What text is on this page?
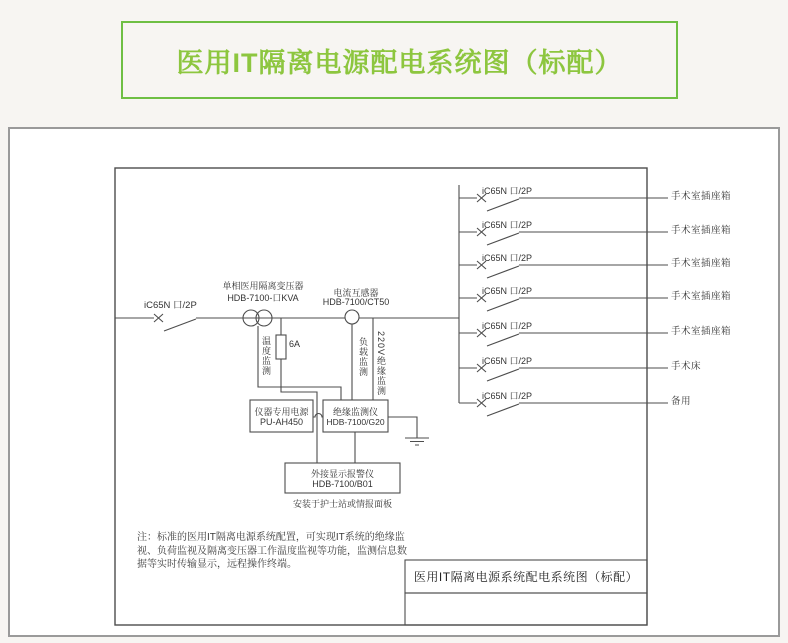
医用IT隔离电源配电系统图（标配）
iC65N 口/2P
单相医用隔离变压器
HDB-7100-口KVA	电流互感器
HDB-7100/CT50
温度监测 6A	负载监测 220V绝缘监测
仪器专用电源
PU-AH450
绝缘监测仪
HDB-7100/G20
外接显示报警仪
HDB-7100/B01
安装于护士站或情报面板
iC65N 口/2P
iC65N 口/2P
iC65N 口/2P
iC65N 口/2P
iC65N 口/2P
iC65N 口/2P
iC65N 口/2P
手术室插座箱
手术室插座箱
手术室插座箱
手术室插座箱
手术室插座箱
手术床
备用
注：标准的医用IT隔离电源系统配置，可实现IT系统的绝缘监
视、负荷监视及隔离变压器工作温度监视等功能，监测信息数
据等实时传输显示，远程操作终端。
医用IT隔离电源系统配电系统图（标配）
